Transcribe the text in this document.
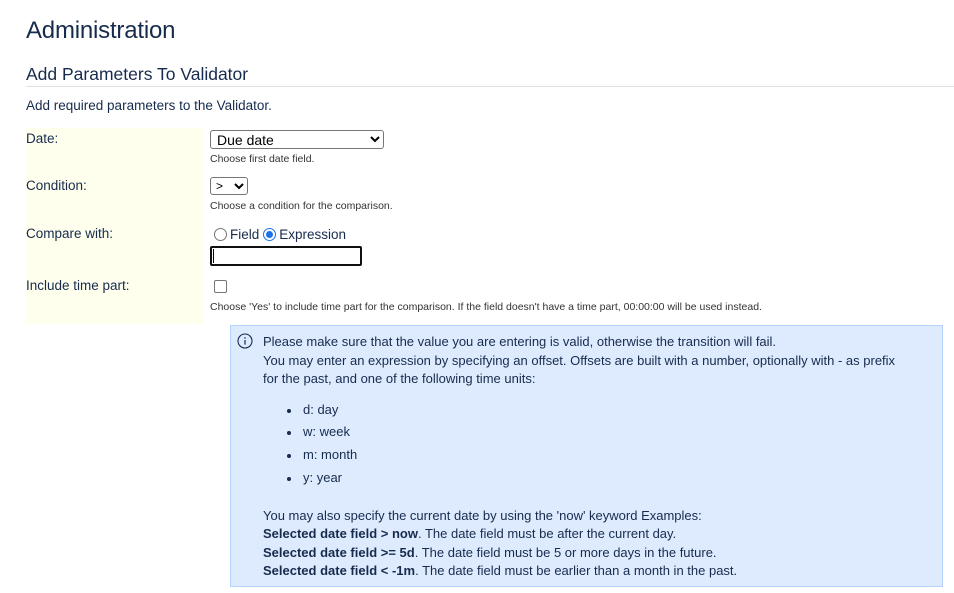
Administration
Add Parameters To Validator
Add required parameters to the Validator.
Date:
Due date
Choose first date field.
Condition:
>
Choose a condition for the comparison.
Compare with:	Field Expression
Include time part:
Choose 'Yes' to include time part for the comparison. If the field doesn't have a time part, 00:00:00 will be used instead.
Please make sure that the value you are entering is valid, otherwise the transition will fail.
You may enter an expression by specifying an offset. Offsets are built with a number, optionally with - as prefix
for the past, and one of the following time units:
d: day
w: week
m: month
y: year
You may also specify the current date by using the 'now' keyword Examples:
Selected date field > now. The date field must be after the current day.
Selected date field >= 5d. The date field must be 5 or more days in the future.
Selected date field < -1m. The date field must be earlier than a month in the past.
